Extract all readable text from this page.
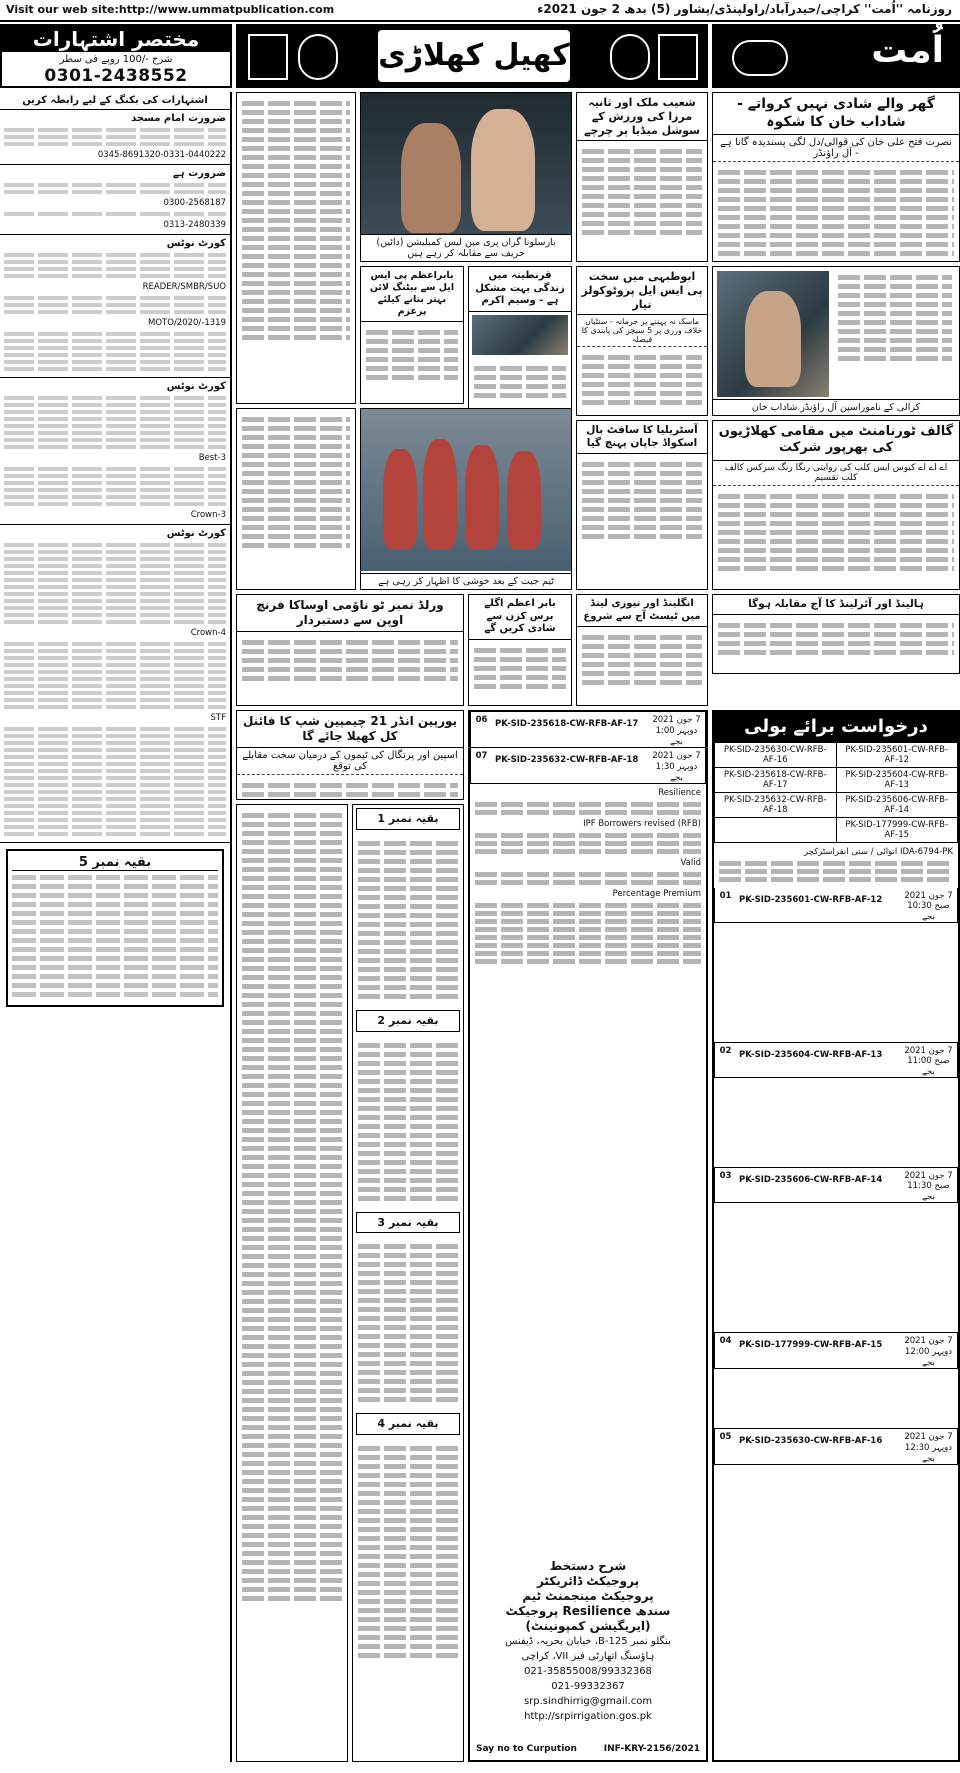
Visit our web site:http://www.ummatpublication.com	روزنامہ ''اُمت'' کراچی/حیدرآباد/راولپنڈی/پشاور (5) بدھ 2 جون 2021ء
مختصر اشتہارات
شرح -/100 روپے فی سطر
0301-2438552
کھیل کھلاڑی	اُمت
اشتہارات کی بکنگ کے لیے رابطہ کریں
ضرورت امام مسجد
0345-8691320-0331-0440222
ضرورت ہے
0300-2568187
0313-2480339
کورٹ نوٹس
READER/SMBR/SUO
MOTO/2020/-1319
کورٹ نوٹس
Best-3
Crown-3
کورٹ نوٹس
Crown-4
STF
بقیہ نمبر 5
گھر والے شادی نہیں کرواتے - شاداب خان کا شکوہ
نصرت فتح علی خان کی قوالی/دل لگی پسندیدہ گانا ہے - آل راؤنڈر
کرالی کے ناموراسپن آل راؤنڈر شاداب خان
شعیب ملک اور ثانیہ مرزا کی ورزش کے سوشل میڈیا پر چرچے
بارسلونا گراں پری میں لیس کمبلیشن (دائیں) حریف سے مقابلہ کر رہے ہیں
ابوظبہی میں سخت پی ایس ایل پروٹوکولز تیار
ماسک نہ پہننے پر جرمانہ - سنٹیاں خلاف ورزی پر 5 سیچز کی پابندی کا فیصلہ
قرنطینہ میں زندگی بہت مشکل ہے - وسیم اکرم
بابراعظم پی ایس ایل سے بیٹنگ لائن بہتر بنانے کیلئے پرعزم
گالف ٹورنامنٹ میں مقامی کھلاڑیوں کی بھرپور شرکت
اے اے اے کیوس ایس کلب کی روایتی رنگا رنگ سرکس کالف کلب تقسیم
آسٹریلیا کا سافٹ بال اسکواڈ جاپان پہنچ گیا
ٹیم جیت کے بعد خوشی کا اظہار کر رہی ہے
ہالینڈ اور آئرلینڈ کا آج مقابلہ ہوگا
انگلینڈ اور نیوزی لینڈ میں ٹیسٹ آج سے شروع
بابر اعظم اگلے برس کزن سے شادی کریں گے
ورلڈ نمبر ٹو ناؤمی اوساکا فرنچ اوپن سے دستبردار
یورپین انڈر 21 چیمپین شپ کا فائنل کل کھیلا جائے گا
اسپین اور پرتگال کی ٹیموں کے درمیان سخت مقابلے کی توقع
بقیہ نمبر 1
بقیہ نمبر 2
بقیہ نمبر 3
بقیہ نمبر 4
درخواست برائے بولی
PK-SID-235601-CW-RFB-AF-12	PK-SID-235630-CW-RFB-AF-16
PK-SID-235604-CW-RFB-AF-13	PK-SID-235618-CW-RFB-AF-17
PK-SID-235606-CW-RFB-AF-14	PK-SID-235632-CW-RFB-AF-18
PK-SID-177999-CW-RFB-AF-15	
IDA-6794-PK انوائی / سنی انفراسٹرکچر
01 PK-SID-235601-CW-RFB-AF-12	7 جون 2021 صبح 10:30 بجے
02 PK-SID-235604-CW-RFB-AF-13	7 جون 2021 صبح 11:00 بجے
03 PK-SID-235606-CW-RFB-AF-14	7 جون 2021 صبح 11:30 بجے
04 PK-SID-177999-CW-RFB-AF-15	7 جون 2021 دوپہر 12:00 بجے
05 PK-SID-235630-CW-RFB-AF-16	7 جون 2021 دوپہر 12:30 بجے
06 PK-SID-235618-CW-RFB-AF-17	7 جون 2021 دوپہر 1:00 بجے
07 PK-SID-235632-CW-RFB-AF-18	7 جون 2021 دوپہر 1:30 بجے
Resilience
(RFB) IPF Borrowers revised
Valid
Percentage Premium
شرح دستخط
پروجیکٹ ڈائریکٹر
پروجیکٹ مینجمنٹ ٹیم
سندھ Resilience پروجیکٹ
(ایریگیشن کمپونینٹ)
بنگلو نمبر 125-B، خیابان بحریہ، ڈیفنس
ہاؤسنگ اتھارٹی فیز VII، کراچی
021-35855008/99332368
021-99332367
srp.sindhirrig@gmail.com
http://srpirrigation.gos.pk
Say no to Curpution	INF-KRY-2156/2021
